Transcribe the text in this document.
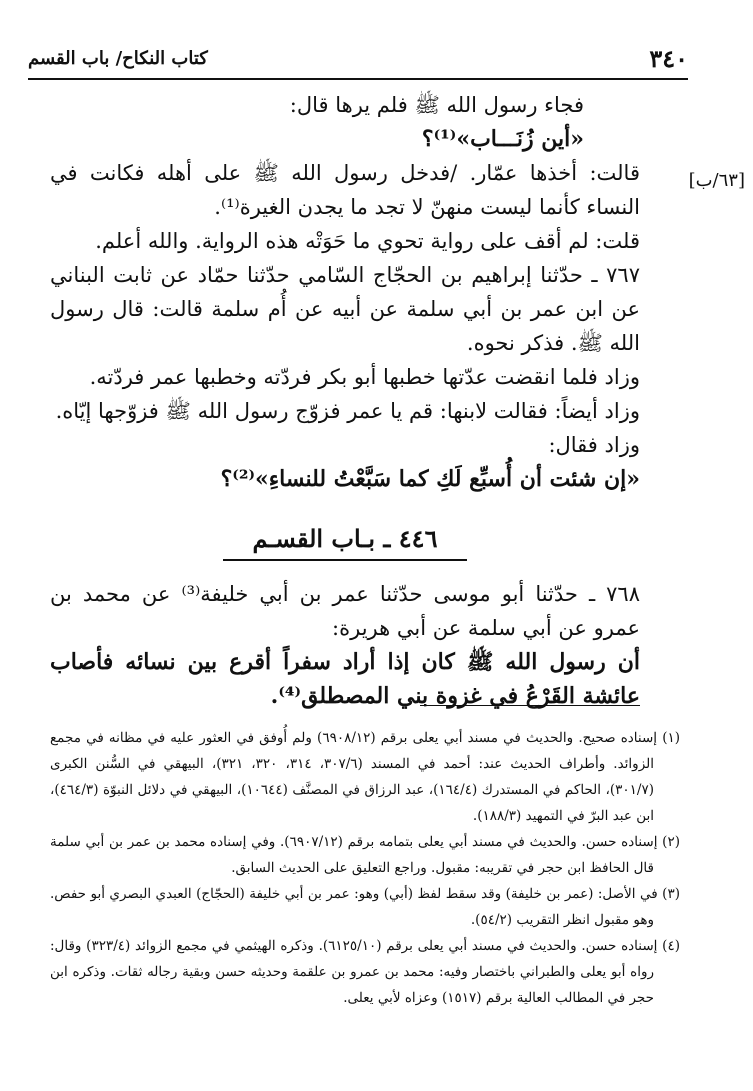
٣٤٠
كتاب النكاح/ باب القسم
[٦٣/ب]

فجاء رسول الله ﷺ فلم يرها قال:

«أين زُنَـــاب»⁽¹⁾؟

قالت: أخذها عمّار. /فدخل رسول الله ﷺ على أهله فكانت في النساء كأنما ليست منهنّ لا تجد ما يجدن الغيرة⁽¹⁾.

قلت: لم أقف على رواية تحوي ما حَوَتْه هذه الرواية. والله أعلم.

٧٦٧ ـ حدّثنا إبراهيم بن الحجّاج السّامي حدّثنا حمّاد عن ثابت البناني عن ابن عمر بن أبي سلمة عن أبيه عن أُم سلمة قالت: قال رسول الله ﷺ. فذكر نحوه.

وزاد فلما انقضت عدّتها خطبها أبو بكر فردّته وخطبها عمر فردّته.

وزاد أيضاً: فقالت لابنها: قم يا عمر فزوّج رسول الله ﷺ فزوّجها إيّاه.

وزاد فقال:

«إن شئت أن أُسبِّع لَكِ كما سَبَّعْتُ للنساءِ»⁽²⁾؟

٤٤٦ ـ بـاب القسـم

٧٦٨ ـ حدّثنا أبو موسى حدّثنا عمر بن أبي خليفة⁽³⁾ عن محمد بن عمرو عن أبي سلمة عن أبي هريرة:

أن رسول الله ﷺ كان إذا أراد سفراً أقرع بين نسائه فأصاب عائشة القَرْعُ في غزوة بني المصطلق⁽⁴⁾.

(١) إسناده صحيح. والحديث في مسند أبي يعلى برقم (٦٩٠٨/١٢) ولم أُوفق في العثور عليه في مظانه في مجمع الزوائد. وأطراف الحديث عند: أحمد في المسند (٣٠٧/٦، ٣١٤، ٣٢٠، ٣٢١)، البيهقي في السُّنن الكبرى (٣٠١/٧)، الحاكم في المستدرك (١٦٤/٤)، عبد الرزاق في المصنَّف (١٠٦٤٤)، البيهقي في دلائل النبوّة (٤٦٤/٣)، ابن عبد البرّ في التمهيد (١٨٨/٣).

(٢) إسناده حسن. والحديث في مسند أبي يعلى بتمامه برقم (٦٩٠٧/١٢). وفي إسناده محمد بن عمر بن أبي سلمة قال الحافظ ابن حجر في تقريبه: مقبول. وراجع التعليق على الحديث السابق.

(٣) في الأصل: (عمر بن خليفة) وقد سقط لفظ (أبي) وهو: عمر بن أبي خليفة (الحجّاج) العبدي البصري أبو حفص. وهو مقبول انظر التقريب (٥٤/٢).

(٤) إسناده حسن. والحديث في مسند أبي يعلى برقم (٦١٢٥/١٠). وذكره الهيثمي في مجمع الزوائد (٣٢٣/٤) وقال: رواه أبو يعلى والطبراني باختصار وفيه: محمد بن عمرو بن علقمة وحديثه حسن وبقية رجاله ثقات. وذكره ابن حجر في المطالب العالية برقم (١٥١٧) وعزاه لأبي يعلى.
